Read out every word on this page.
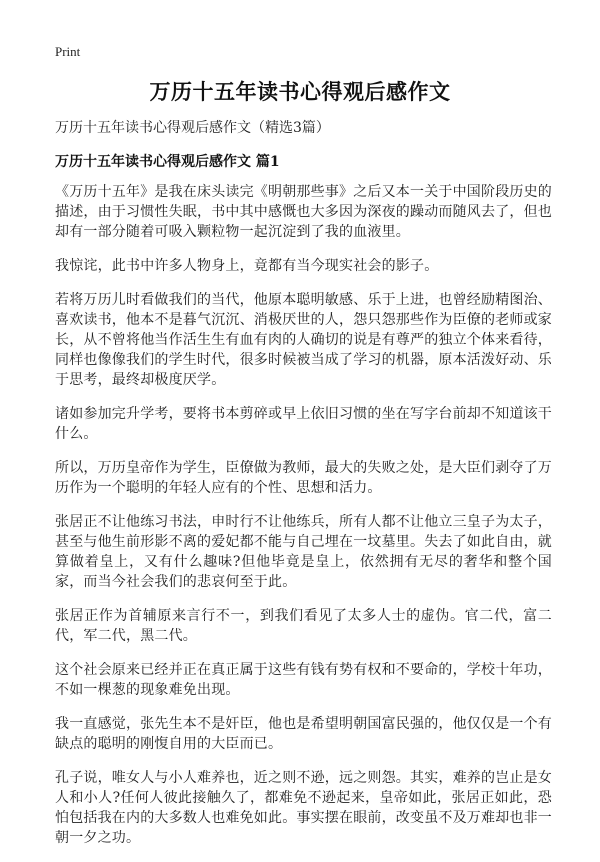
Print
万历十五年读书心得观后感作文

万历十五年读书心得观后感作文（精选3篇）

万历十五年读书心得观后感作文 篇1

《万历十五年》是我在床头读完《明朝那些事》之后又本一关于中国阶段历史的描述，由于习惯性失眠，书中其中感慨也大多因为深夜的躁动而随风去了，但也却有一部分随着可吸入颗粒物一起沉淀到了我的血液里。

我惊诧，此书中许多人物身上，竟都有当今现实社会的影子。

若将万历儿时看做我们的当代，他原本聪明敏感、乐于上进，也曾经励精图治、喜欢读书，他本不是暮气沉沉、消极厌世的人，怨只怨那些作为臣僚的老师或家长，从不曾将他当作活生生有血有肉的人确切的说是有尊严的独立个体来看待，同样也像像我们的学生时代，很多时候被当成了学习的机器，原本活泼好动、乐于思考，最终却极度厌学。

诸如参加完升学考，要将书本剪碎或早上依旧习惯的坐在写字台前却不知道该干什么。

所以，万历皇帝作为学生，臣僚做为教师，最大的失败之处，是大臣们剥夺了万历作为一个聪明的年轻人应有的个性、思想和活力。

张居正不让他练习书法，申时行不让他练兵，所有人都不让他立三皇子为太子，甚至与他生前形影不离的爱妃都不能与自己埋在一坟墓里。失去了如此自由，就算做着皇上，又有什么趣味?但他毕竟是皇上，依然拥有无尽的奢华和整个国家，而当今社会我们的悲哀何至于此。

张居正作为首辅原来言行不一，到我们看见了太多人士的虚伪。官二代，富二代，军二代，黑二代。

这个社会原来已经并正在真正属于这些有钱有势有权和不要命的，学校十年功，不如一棵葱的现象难免出现。

我一直感觉，张先生本不是奸臣，他也是希望明朝国富民强的，他仅仅是一个有缺点的聪明的刚愎自用的大臣而已。

孔子说，唯女人与小人难养也，近之则不逊，远之则怨。其实，难养的岂止是女人和小人?任何人彼此接触久了，都难免不逊起来，皇帝如此，张居正如此，恐怕包括我在内的大多数人也难免如此。事实摆在眼前，改变虽不及万难却也非一朝一夕之功。
